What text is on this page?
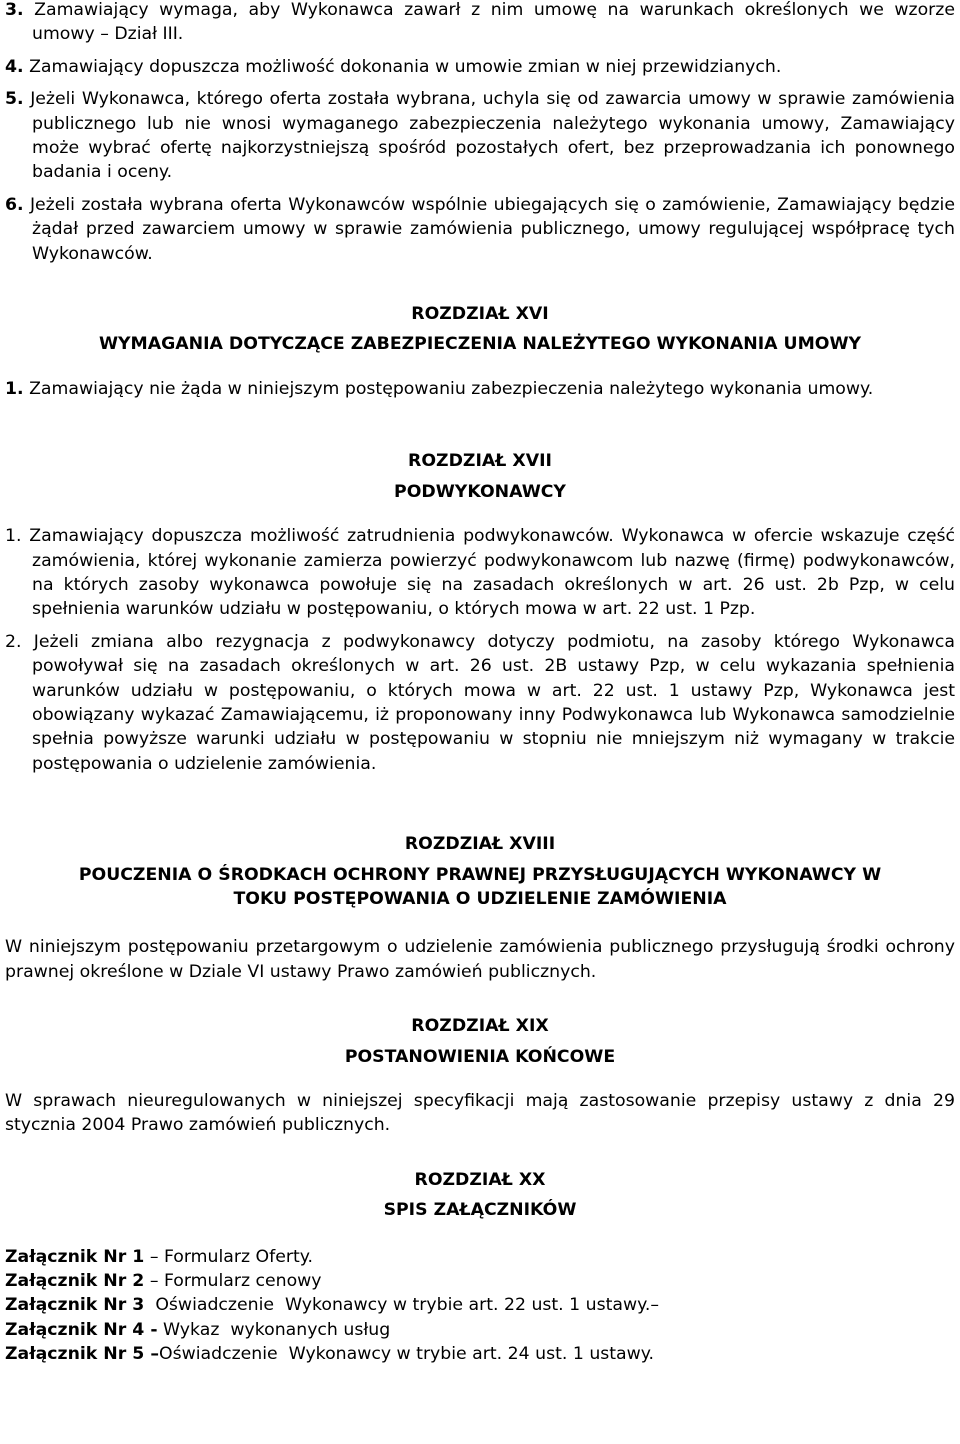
3. Zamawiający wymaga, aby Wykonawca zawarł z nim umowę na warunkach określonych we wzorze umowy – Dział III.

4. Zamawiający dopuszcza możliwość dokonania w umowie zmian w niej przewidzianych.

5. Jeżeli Wykonawca, którego oferta została wybrana, uchyla się od zawarcia umowy w sprawie zamówienia publicznego lub nie wnosi wymaganego zabezpieczenia należytego wykonania umowy, Zamawiający może wybrać ofertę najkorzystniejszą spośród pozostałych ofert, bez przeprowadzania ich ponownego badania i oceny.

6. Jeżeli została wybrana oferta Wykonawców wspólnie ubiegających się o zamówienie, Zamawiający będzie żądał przed zawarciem umowy w sprawie zamówienia publicznego, umowy regulującej współpracę tych Wykonawców.

ROZDZIAŁ XVI

WYMAGANIA DOTYCZĄCE ZABEZPIECZENIA NALEŻYTEGO WYKONANIA UMOWY

1. Zamawiający nie żąda w niniejszym postępowaniu zabezpieczenia należytego wykonania umowy.

ROZDZIAŁ XVII

PODWYKONAWCY

1. Zamawiający dopuszcza możliwość zatrudnienia podwykonawców. Wykonawca w ofercie wskazuje część zamówienia, której wykonanie zamierza powierzyć podwykonawcom lub nazwę (firmę) podwykonawców, na których zasoby wykonawca powołuje się na zasadach określonych w art. 26 ust. 2b Pzp, w celu spełnienia warunków udziału w postępowaniu, o których mowa w art. 22 ust. 1 Pzp.

2. Jeżeli zmiana albo rezygnacja z podwykonawcy dotyczy podmiotu, na zasoby którego Wykonawca powoływał się na zasadach określonych w art. 26 ust. 2B ustawy Pzp, w celu wykazania spełnienia warunków udziału w postępowaniu, o których mowa w art. 22 ust. 1 ustawy Pzp, Wykonawca jest obowiązany wykazać Zamawiającemu, iż proponowany inny Podwykonawca lub Wykonawca samodzielnie spełnia powyższe warunki udziału w postępowaniu w stopniu nie mniejszym niż wymagany w trakcie postępowania o udzielenie zamówienia.

ROZDZIAŁ XVIII

POUCZENIA O ŚRODKACH OCHRONY PRAWNEJ PRZYSŁUGUJĄCYCH WYKONAWCY W

TOKU POSTĘPOWANIA O UDZIELENIE ZAMÓWIENIA

W niniejszym postępowaniu przetargowym o udzielenie zamówienia publicznego przysługują środki ochrony prawnej określone w Dziale VI ustawy Prawo zamówień publicznych.

ROZDZIAŁ XIX

POSTANOWIENIA KOŃCOWE

W sprawach nieuregulowanych w niniejszej specyfikacji mają zastosowanie przepisy ustawy z dnia 29 stycznia 2004 Prawo zamówień publicznych.

ROZDZIAŁ XX

SPIS ZAŁĄCZNIKÓW

Załącznik Nr 1 – Formularz Oferty.

Załącznik Nr 2 – Formularz cenowy

Załącznik Nr 3  Oświadczenie  Wykonawcy w trybie art. 22 ust. 1 ustawy.–

Załącznik Nr 4 - Wykaz  wykonanych usług

Załącznik Nr 5 –Oświadczenie  Wykonawcy w trybie art. 24 ust. 1 ustawy.
